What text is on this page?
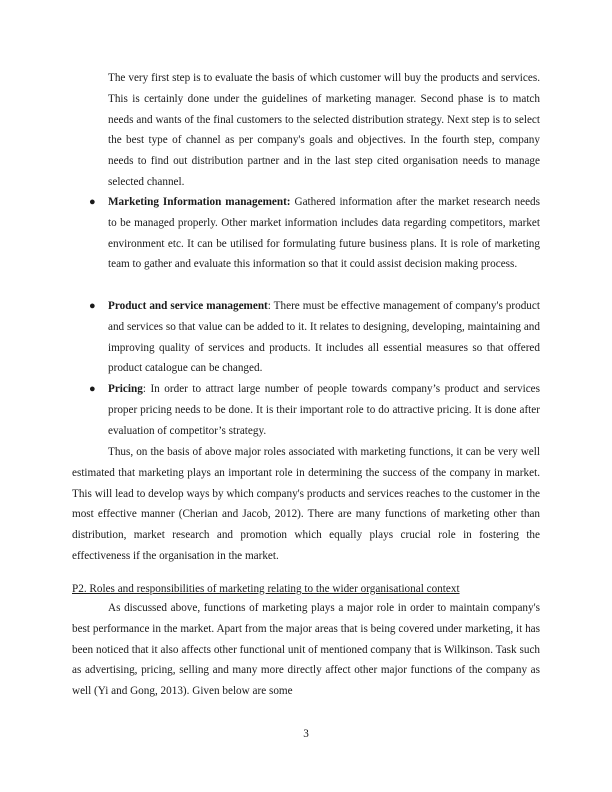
The very first step is to evaluate the basis of which customer will buy the products and services. This is certainly done under the guidelines of marketing manager. Second phase is to match needs and wants of the final customers to the selected distribution strategy. Next step is to select the best type of channel as per company's goals and objectives. In the fourth step, company needs to find out distribution partner and in the last step cited organisation needs to manage selected channel.

● Marketing Information management: Gathered information after the market research needs to be managed properly. Other market information includes data regarding competitors, market environment etc. It can be utilised for formulating future business plans. It is role of marketing team to gather and evaluate this information so that it could assist decision making process.

● Product and service management: There must be effective management of company's product and services so that value can be added to it. It relates to designing, developing, maintaining and improving quality of services and products. It includes all essential measures so that offered product catalogue can be changed.

● Pricing: In order to attract large number of people towards company’s product and services proper pricing needs to be done. It is their important role to do attractive pricing. It is done after evaluation of competitor’s strategy.

Thus, on the basis of above major roles associated with marketing functions, it can be very well estimated that marketing plays an important role in determining the success of the company in market. This will lead to develop ways by which company's products and services reaches to the customer in the most effective manner (Cherian and Jacob, 2012). There are many functions of marketing other than distribution, market research and promotion which equally plays crucial role in fostering the effectiveness if the organisation in the market.

P2. Roles and responsibilities of marketing relating to the wider organisational context

As discussed above, functions of marketing plays a major role in order to maintain company's best performance in the market. Apart from the major areas that is being covered under marketing, it has been noticed that it also affects other functional unit of mentioned company that is Wilkinson. Task such as advertising, pricing, selling and many more directly affect other major functions of the company as well (Yi and Gong, 2013). Given below are some

3
